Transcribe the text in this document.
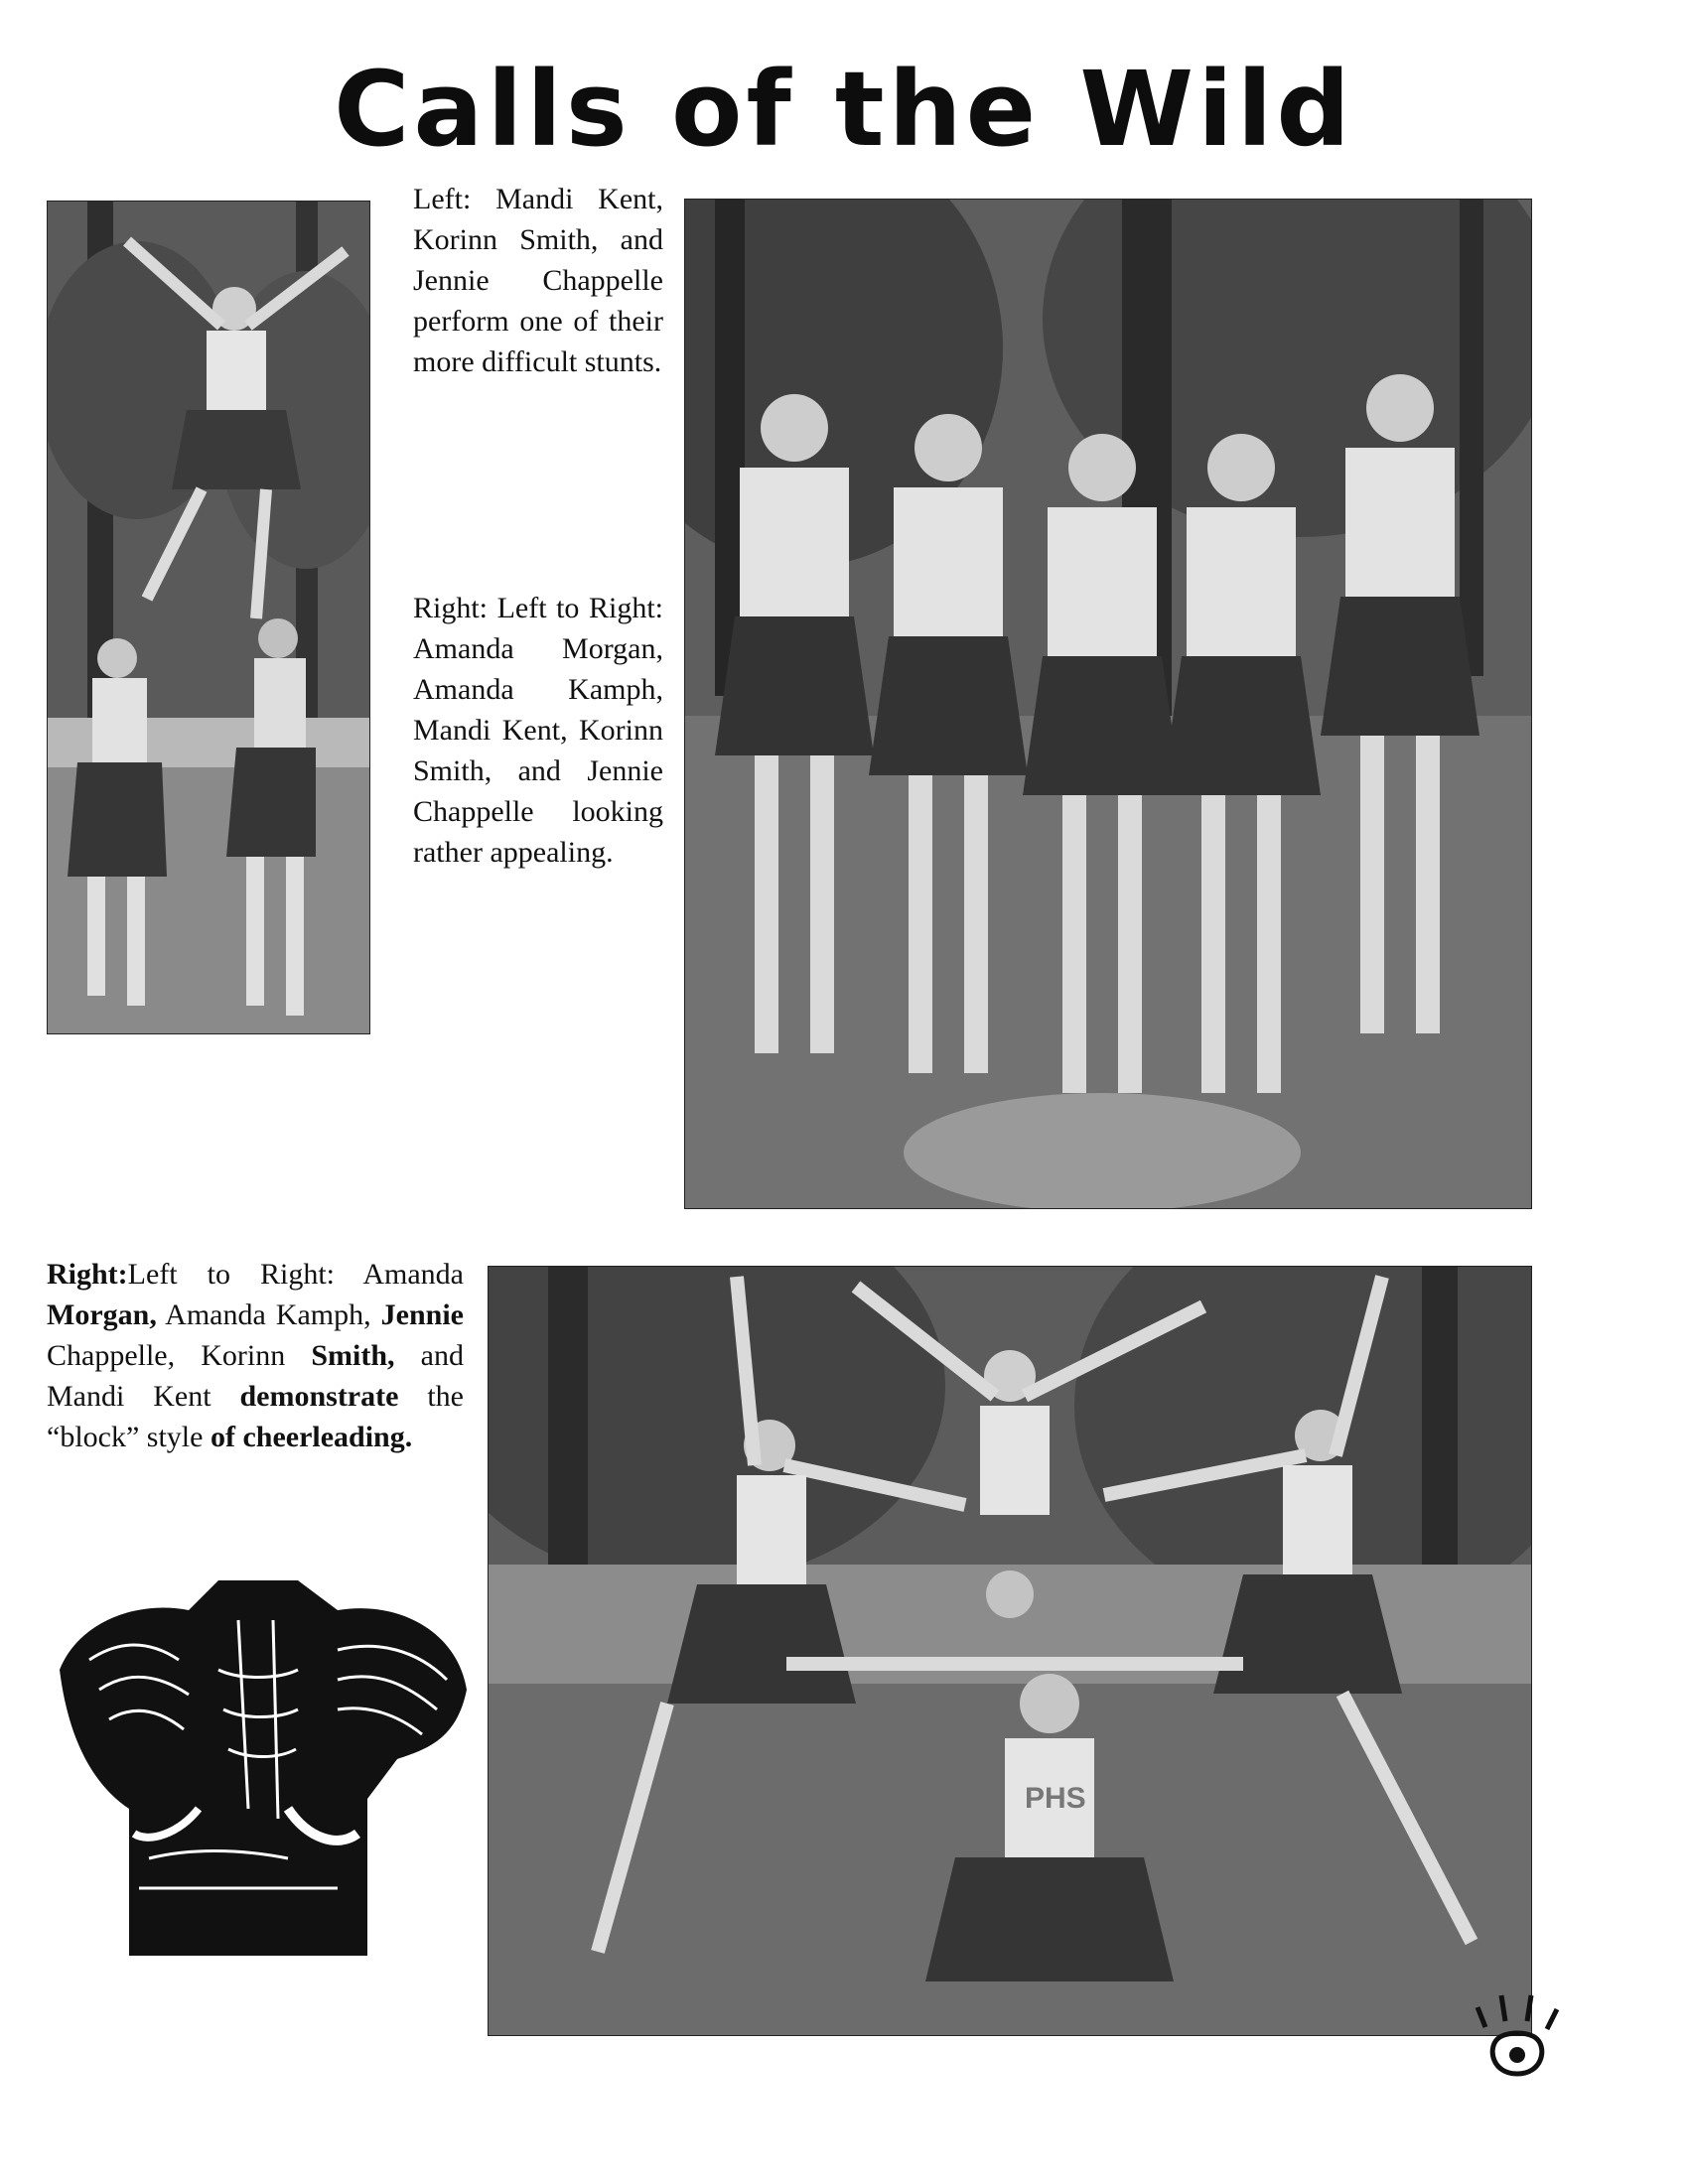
Calls of the Wild
Left: Mandi Kent, Korinn Smith, and Jennie Chappelle perform one of their more difficult stunts.
Right: Left to Right: Amanda Morgan, Amanda Kamph, Mandi Kent, Korinn Smith, and Jennie Chappelle looking rather appealing.
Right:Left to Right: Amanda Morgan, Amanda Kamph, Jennie Chappelle, Korinn Smith, and Mandi Kent demonstrate the “block” style of cheerleading.
PHS
